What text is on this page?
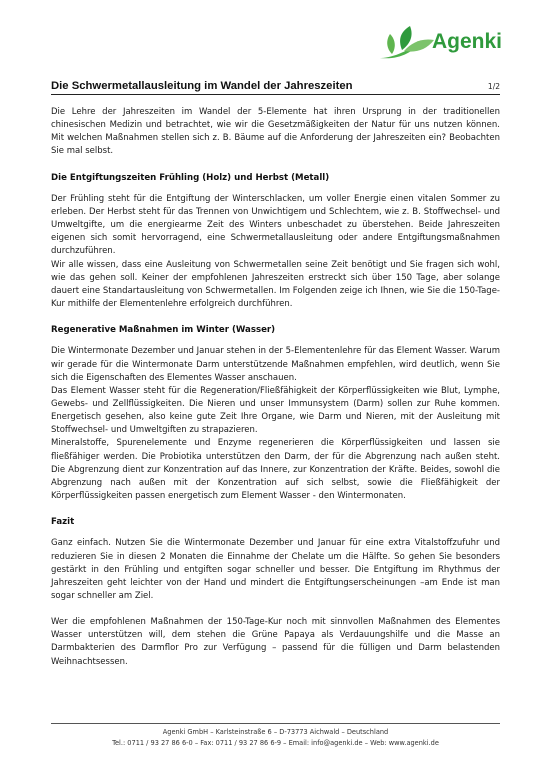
Agenki
Die Schwermetallausleitung im Wandel der Jahreszeiten	1/2

Die Lehre der Jahreszeiten im Wandel der 5-Elemente hat ihren Ursprung in der traditionellen chinesischen Medizin und betrachtet, wie wir die Gesetzmäßigkeiten der Natur für uns nutzen können. Mit welchen Maßnahmen stellen sich z. B. Bäume auf die Anforderung der Jahreszeiten ein? Beobachten Sie mal selbst.

Die Entgiftungszeiten Frühling (Holz) und Herbst (Metall)

Der Frühling steht für die Entgiftung der Winterschlacken, um voller Energie einen vitalen Sommer zu erleben. Der Herbst steht für das Trennen von Unwichtigem und Schlechtem, wie z. B. Stoffwechsel- und Umweltgifte, um die energiearme Zeit des Winters unbeschadet zu überstehen. Beide Jahreszeiten eigenen sich somit hervorragend, eine Schwermetallausleitung oder andere Entgiftungsmaßnahmen durchzuführen.

Wir alle wissen, dass eine Ausleitung von Schwermetallen seine Zeit benötigt und Sie fragen sich wohl, wie das gehen soll. Keiner der empfohlenen Jahreszeiten erstreckt sich über 150 Tage, aber solange dauert eine Standartausleitung von Schwermetallen. Im Folgenden zeige ich Ihnen, wie Sie die 150-Tage-Kur mithilfe der Elementenlehre erfolgreich durchführen.

Regenerative Maßnahmen im Winter (Wasser)

Die Wintermonate Dezember und Januar stehen in der 5-Elementenlehre für das Element Wasser. Warum wir gerade für die Wintermonate Darm unterstützende Maßnahmen empfehlen, wird deutlich, wenn Sie sich die Eigenschaften des Elementes Wasser anschauen.

Das Element Wasser steht für die Regeneration/Fließfähigkeit der Körperflüssigkeiten wie Blut, Lymphe, Gewebs- und Zellflüssigkeiten. Die Nieren und unser Immunsystem (Darm) sollen zur Ruhe kommen. Energetisch gesehen, also keine gute Zeit Ihre Organe, wie Darm und Nieren, mit der Ausleitung mit Stoffwechsel- und Umweltgiften zu strapazieren.

Mineralstoffe, Spurenelemente und Enzyme regenerieren die Körperflüssigkeiten und lassen sie fließfähiger werden. Die Probiotika unterstützen den Darm, der für die Abgrenzung nach außen steht. Die Abgrenzung dient zur Konzentration auf das Innere, zur Konzentration der Kräfte. Beides, sowohl die Abgrenzung nach außen mit der Konzentration auf sich selbst, sowie die Fließfähigkeit der Körperflüssigkeiten passen energetisch zum Element Wasser - den Wintermonaten.

Fazit

Ganz einfach. Nutzen Sie die Wintermonate Dezember und Januar für eine extra Vitalstoffzufuhr und reduzieren Sie in diesen 2 Monaten die Einnahme der Chelate um die Hälfte. So gehen Sie besonders gestärkt in den Frühling und entgiften sogar schneller und besser. Die Entgiftung im Rhythmus der Jahreszeiten geht leichter von der Hand und mindert die Entgiftungserscheinungen –am Ende ist man sogar schneller am Ziel.

Wer die empfohlenen Maßnahmen der 150-Tage-Kur noch mit sinnvollen Maßnahmen des Elementes Wasser unterstützen will, dem stehen die Grüne Papaya als Verdauungshilfe und die Masse an Darmbakterien des Darmflor Pro zur Verfügung – passend für die fülligen und Darm belastenden Weihnachtsessen.

Agenki GmbH – Karlsteinstraße 6 – D-73773 Aichwald – Deutschland
Tel.: 0711 / 93 27 86 6-0 – Fax: 0711 / 93 27 86 6-9 – Email: info@agenki.de – Web: www.agenki.de
